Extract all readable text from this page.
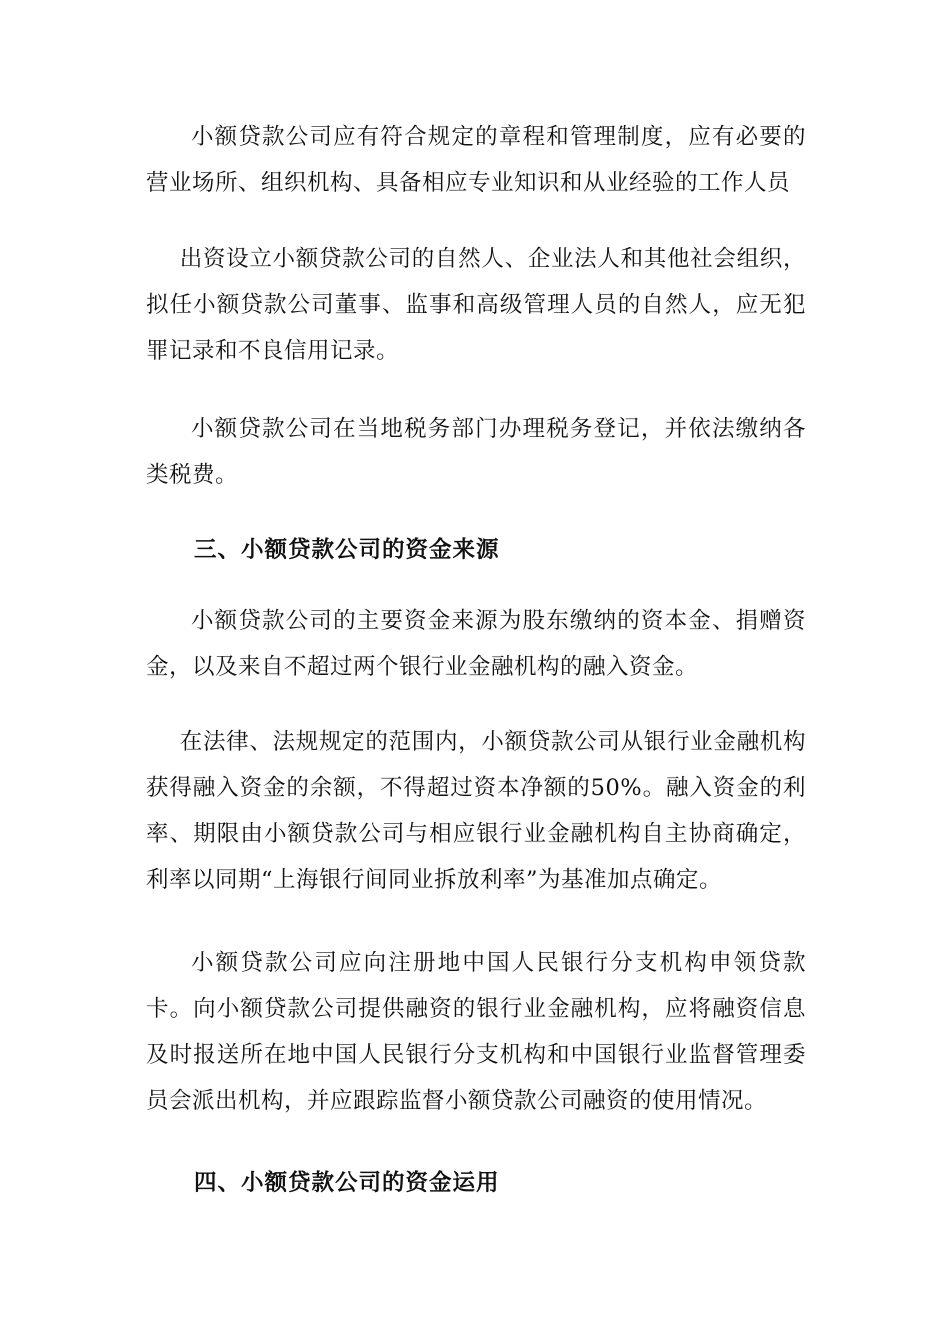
小额贷款公司应有符合规定的章程和管理制度，应有必要的营业场所、组织机构、具备相应专业知识和从业经验的工作人员

出资设立小额贷款公司的自然人、企业法人和其他社会组织，拟任小额贷款公司董事、监事和高级管理人员的自然人，应无犯罪记录和不良信用记录。

小额贷款公司在当地税务部门办理税务登记，并依法缴纳各类税费。

三、小额贷款公司的资金来源

小额贷款公司的主要资金来源为股东缴纳的资本金、捐赠资金，以及来自不超过两个银行业金融机构的融入资金。

在法律、法规规定的范围内，小额贷款公司从银行业金融机构获得融入资金的余额，不得超过资本净额的50%。融入资金的利率、期限由小额贷款公司与相应银行业金融机构自主协商确定，利率以同期“上海银行间同业拆放利率”为基准加点确定。

小额贷款公司应向注册地中国人民银行分支机构申领贷款卡。向小额贷款公司提供融资的银行业金融机构，应将融资信息及时报送所在地中国人民银行分支机构和中国银行业监督管理委员会派出机构，并应跟踪监督小额贷款公司融资的使用情况。

四、小额贷款公司的资金运用
